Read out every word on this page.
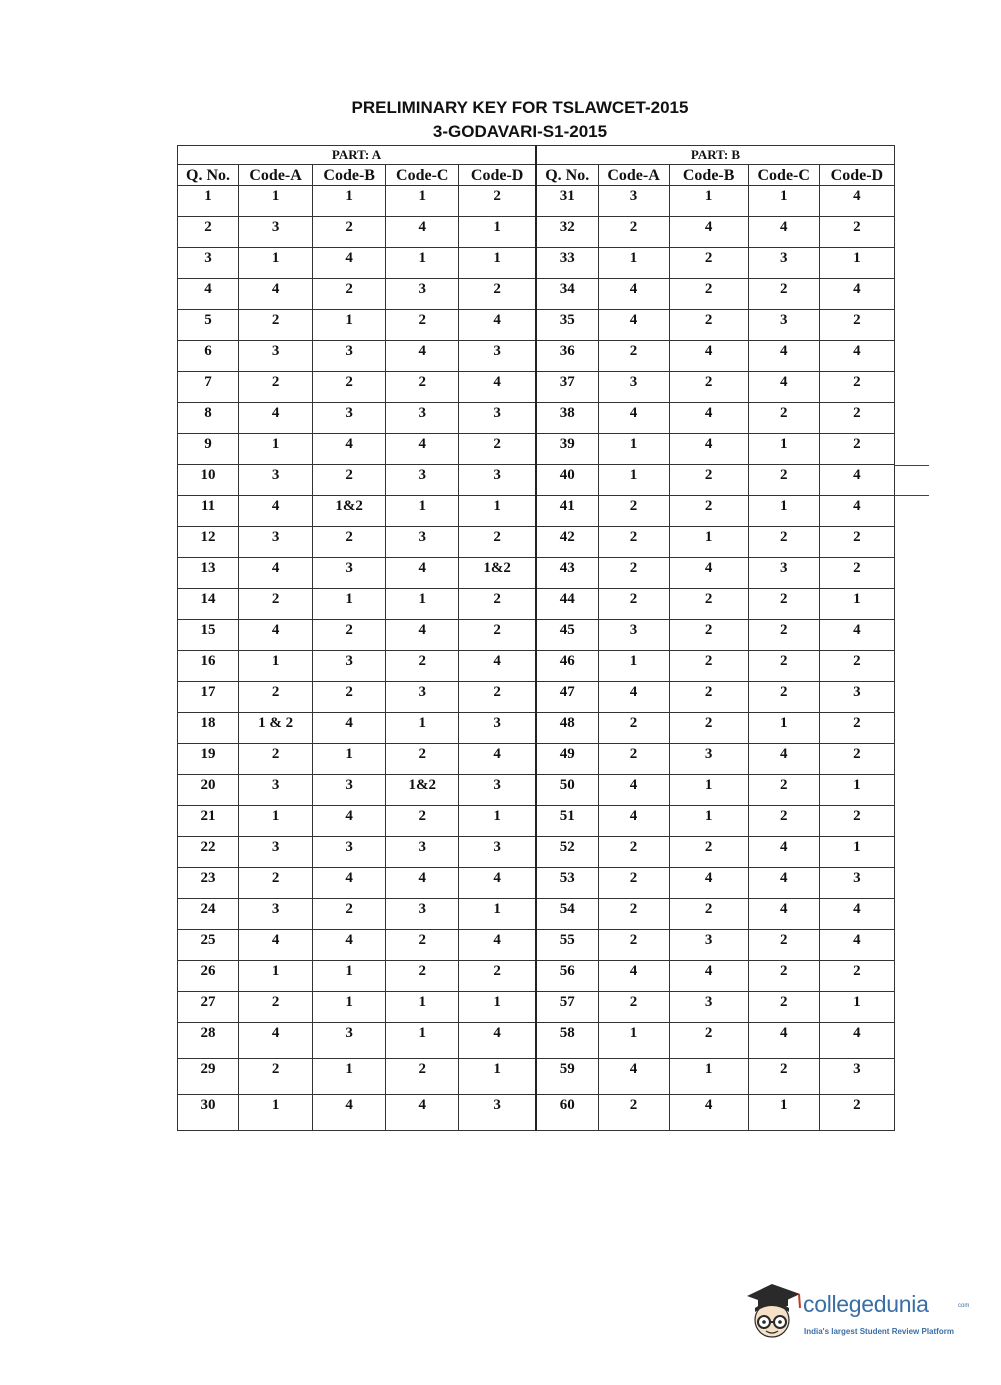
PRELIMINARY KEY FOR TSLAWCET-2015
3-GODAVARI-S1-2015
PART: A					PART: B				
Q. No.	Code-A	Code-B	Code-C	Code-D	Q. No.	Code-A	Code-B	Code-C	Code-D
1	1	1	1	2	31	3	1	1	4
2	3	2	4	1	32	2	4	4	2
3	1	4	1	1	33	1	2	3	1
4	4	2	3	2	34	4	2	2	4
5	2	1	2	4	35	4	2	3	2
6	3	3	4	3	36	2	4	4	4
7	2	2	2	4	37	3	2	4	2
8	4	3	3	3	38	4	4	2	2
9	1	4	4	2	39	1	4	1	2
10	3	2	3	3	40	1	2	2	4
11	4	1&2	1	1	41	2	2	1	4
12	3	2	3	2	42	2	1	2	2
13	4	3	4	1&2	43	2	4	3	2
14	2	1	1	2	44	2	2	2	1
15	4	2	4	2	45	3	2	2	4
16	1	3	2	4	46	1	2	2	2
17	2	2	3	2	47	4	2	2	3
18	1 & 2	4	1	3	48	2	2	1	2
19	2	1	2	4	49	2	3	4	2
20	3	3	1&2	3	50	4	1	2	1
21	1	4	2	1	51	4	1	2	2
22	3	3	3	3	52	2	2	4	1
23	2	4	4	4	53	2	4	4	3
24	3	2	3	1	54	2	2	4	4
25	4	4	2	4	55	2	3	2	4
26	1	1	2	2	56	4	4	2	2
27	2	1	1	1	57	2	3	2	1
28	4	3	1	4	58	1	2	4	4
29	2	1	2	1	59	4	1	2	3
30	1	4	4	3	60	2	4	1	2
collegedunia	com
India's largest Student Review Platform
